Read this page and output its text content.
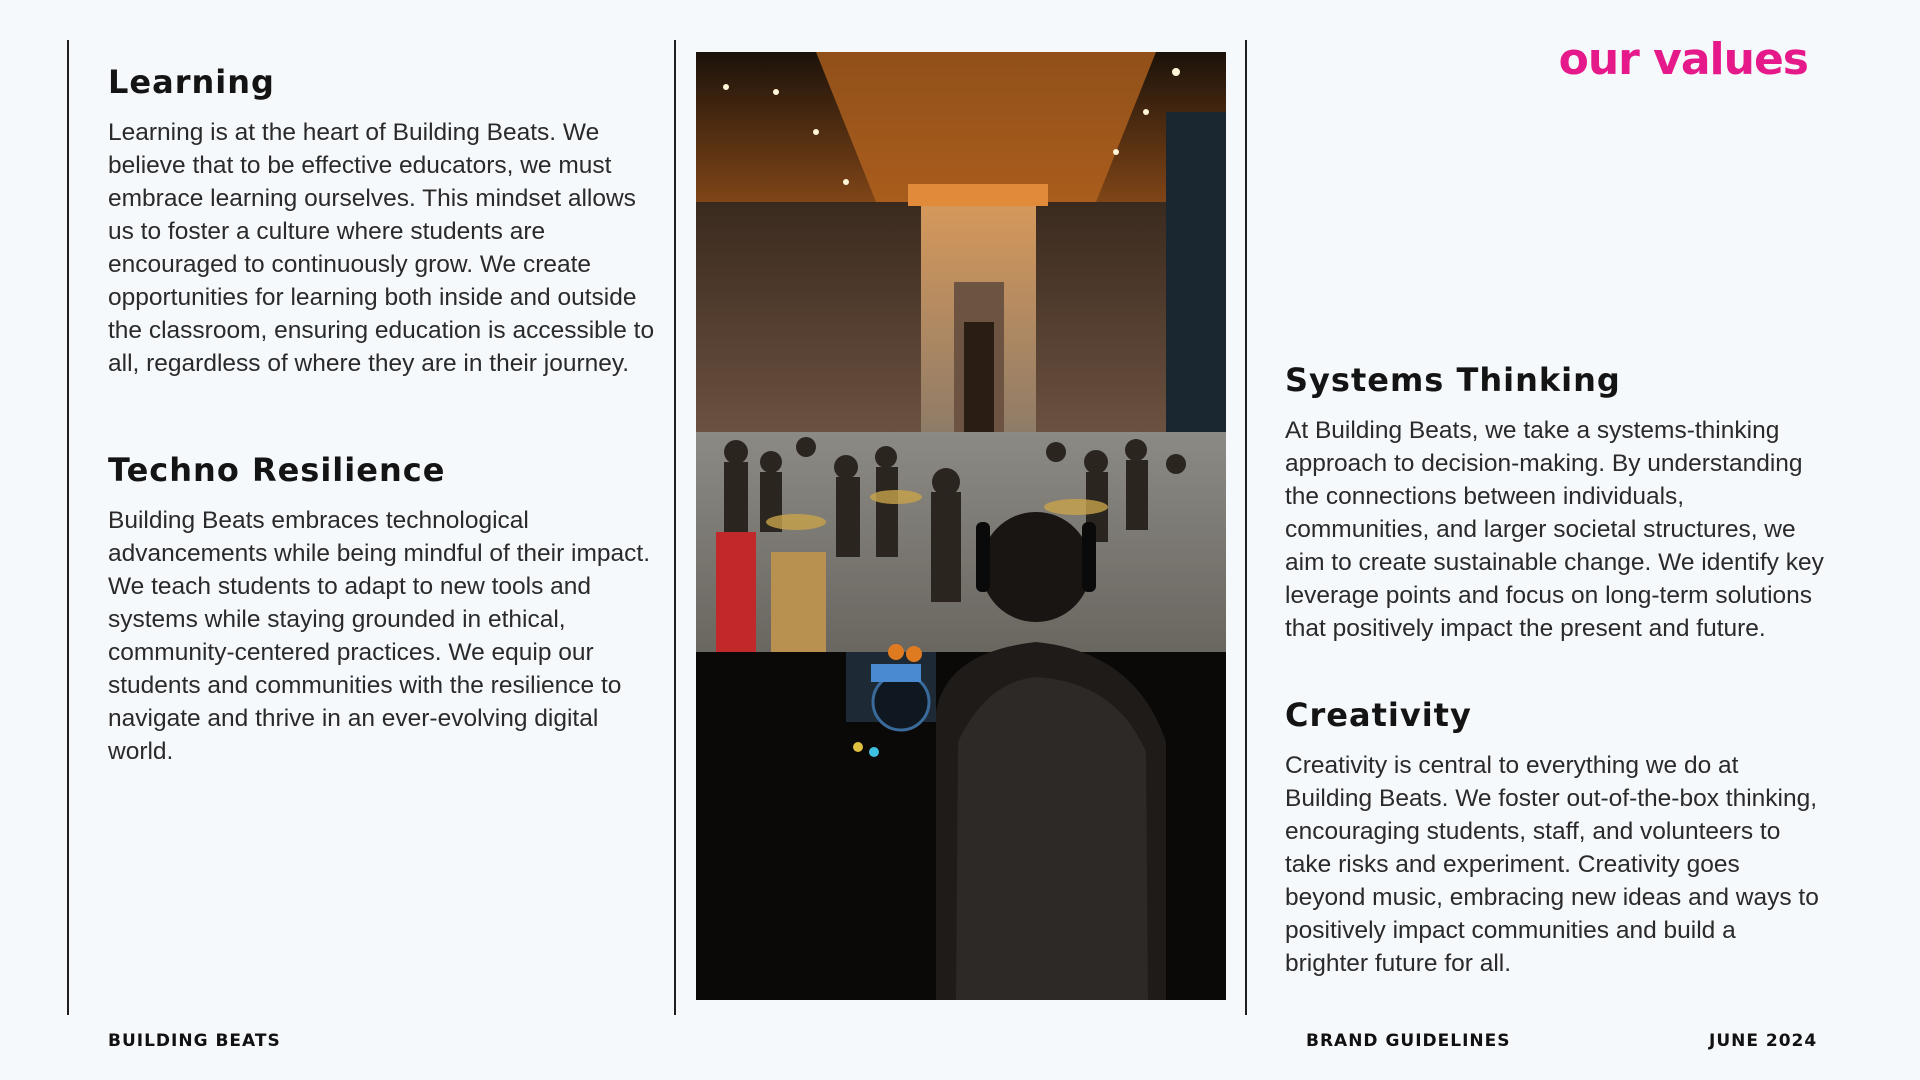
our values
Learning

Learning is at the heart of Building Beats. We believe that to be effective educators, we must embrace learning ourselves. This mindset allows us to foster a culture where students are encouraged to continuously grow. We create opportunities for learning both inside and outside the classroom, ensuring education is accessible to all, regardless of where they are in their journey.

Techno Resilience

Building Beats embraces technological advancements while being mindful of their impact. We teach students to adapt to new tools and systems while staying grounded in ethical, community-centered practices. We equip our students and communities with the resilience to navigate and thrive in an ever-evolving digital world.

Systems Thinking

At Building Beats, we take a systems-thinking approach to decision-making. By understanding the connections between individuals, communities, and larger societal structures, we aim to create sustainable change. We identify key leverage points and focus on long-term solutions that positively impact the present and future.

Creativity

Creativity is central to everything we do at Building Beats. We foster out-of-the-box thinking, encouraging students, staff, and volunteers to take risks and experiment. Creativity goes beyond music, embracing new ideas and ways to positively impact communities and build a brighter future for all.

BUILDING BEATS	BRAND GUIDELINES	JUNE 2024
